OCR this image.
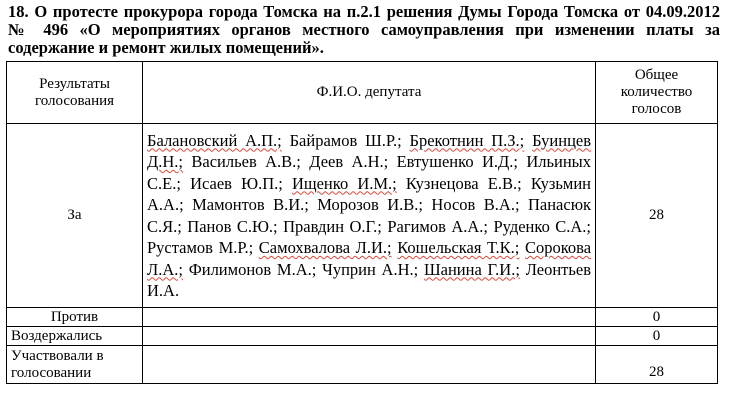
18. О протесте прокурора города Томска на п.2.1 решения Думы Города Томска от 04.09.2012 № 496 «О мероприятиях органов местного самоуправления при изменении платы за содержание и ремонт жилых помещений».
Результаты голосования	Ф.И.О. депутата	Общее количество голосов
За	Балановский А.П.; Байрамов Ш.Р.; Брекотнин П.З.; Буинцев Д.Н.; Васильев А.В.; Деев А.Н.; Евтушенко И.Д.; Ильиных С.Е.; Исаев Ю.П.; Ищенко И.М.; Кузнецова Е.В.; Кузьмин А.А.; Мамонтов В.И.; Морозов И.В.; Носов В.А.; Панасюк С.Я.; Панов С.Ю.; Правдин О.Г.; Рагимов А.А.; Руденко С.А.; Рустамов М.Р.; Самохвалова Л.И.; Кошельская Т.К.; Сорокова Л.А.; Филимонов М.А.; Чуприн А.Н.; Шанина Г.И.; Леонтьев И.А.	28
Против		0
Воздержались		0
Участвовали в голосовании		28
